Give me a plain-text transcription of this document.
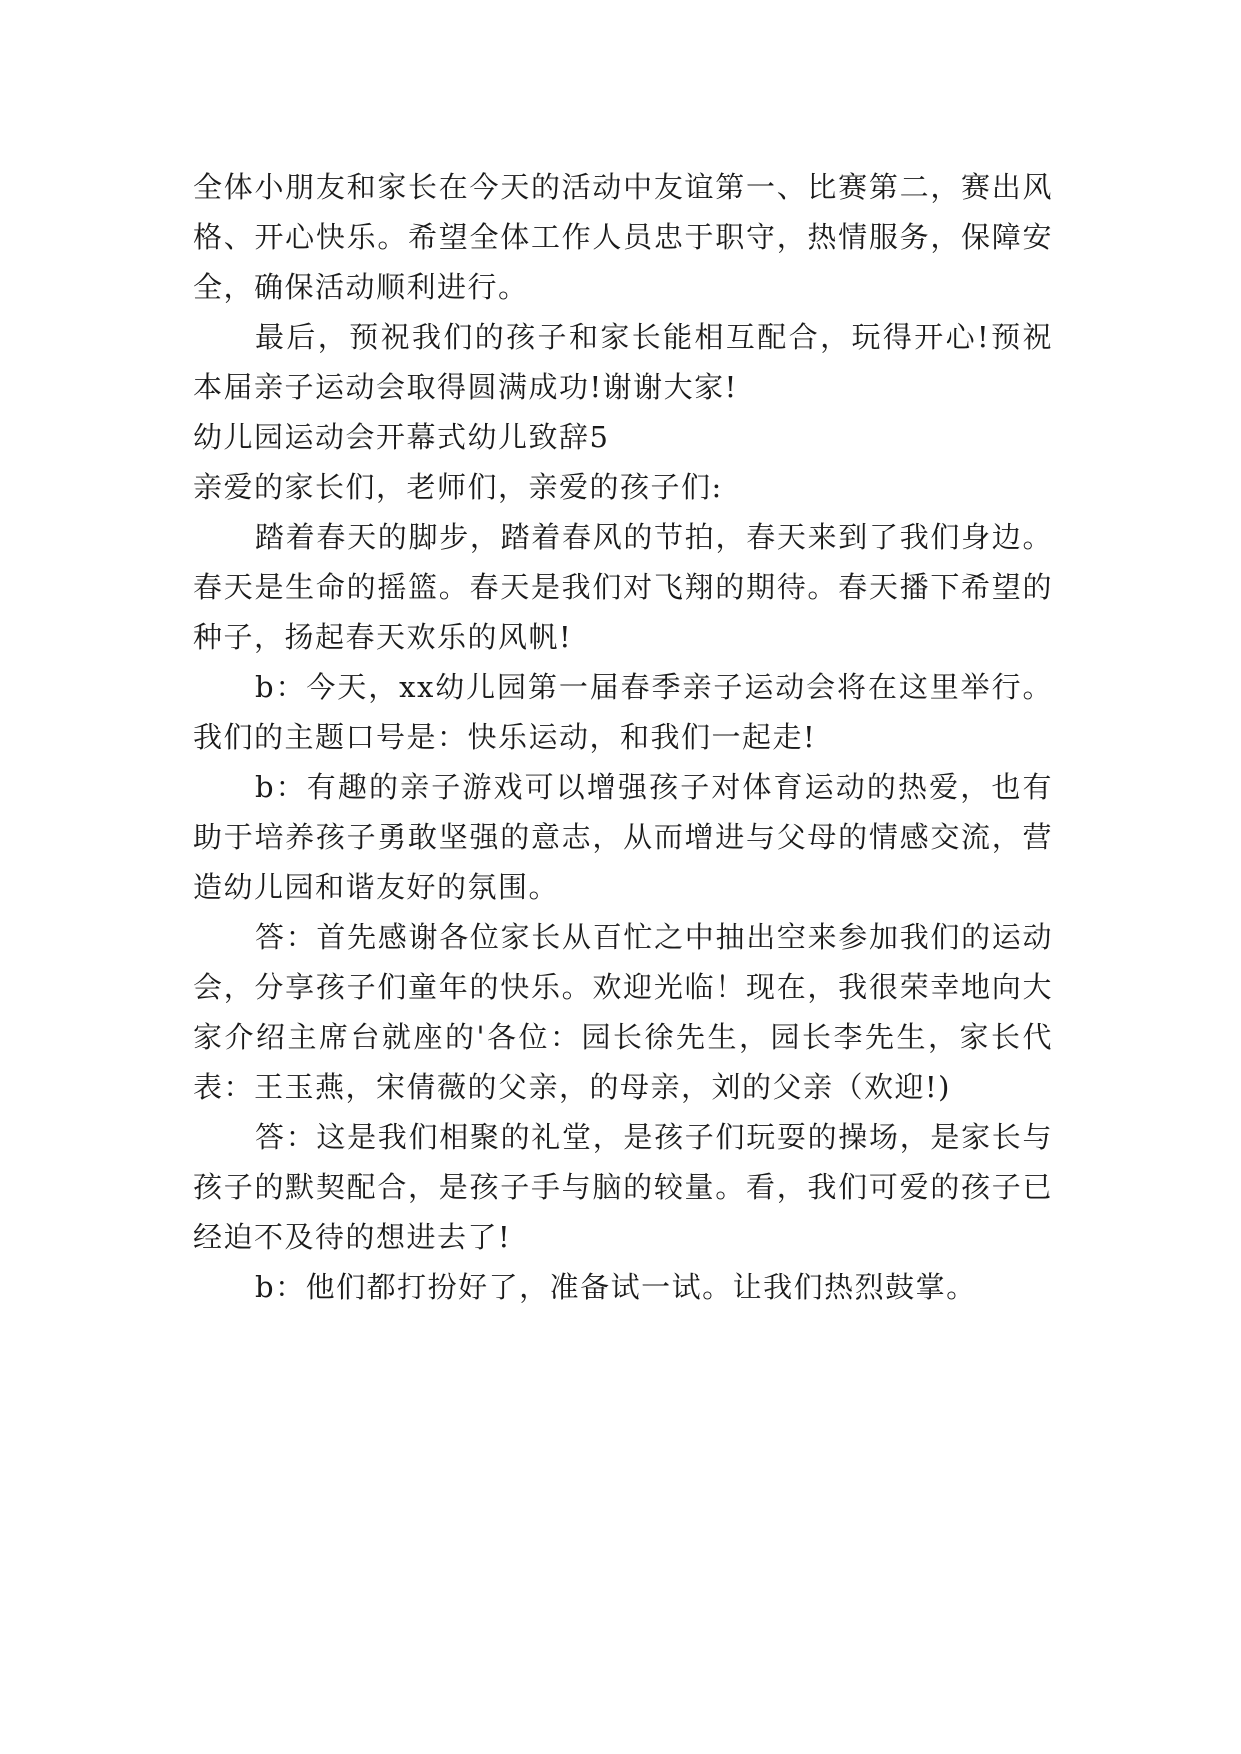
全体小朋友和家长在今天的活动中友谊第一、比赛第二，赛出风格、开心快乐。希望全体工作人员忠于职守，热情服务，保障安全，确保活动顺利进行。

最后，预祝我们的孩子和家长能相互配合，玩得开心!预祝本届亲子运动会取得圆满成功!谢谢大家!

幼儿园运动会开幕式幼儿致辞5

亲爱的家长们，老师们，亲爱的孩子们:

踏着春天的脚步，踏着春风的节拍，春天来到了我们身边。春天是生命的摇篮。春天是我们对飞翔的期待。春天播下希望的种子，扬起春天欢乐的风帆!

b：今天，xx幼儿园第一届春季亲子运动会将在这里举行。我们的主题口号是：快乐运动，和我们一起走!

b：有趣的亲子游戏可以增强孩子对体育运动的热爱，也有助于培养孩子勇敢坚强的意志，从而增进与父母的情感交流，营造幼儿园和谐友好的氛围。

答：首先感谢各位家长从百忙之中抽出空来参加我们的运动会，分享孩子们童年的快乐。欢迎光临！现在，我很荣幸地向大家介绍主席台就座的'各位：园长徐先生，园长李先生，家长代表：王玉燕，宋倩薇的父亲，的母亲，刘的父亲（欢迎!)

答：这是我们相聚的礼堂，是孩子们玩耍的操场，是家长与孩子的默契配合，是孩子手与脑的较量。看，我们可爱的孩子已经迫不及待的想进去了!

b：他们都打扮好了，准备试一试。让我们热烈鼓掌。
